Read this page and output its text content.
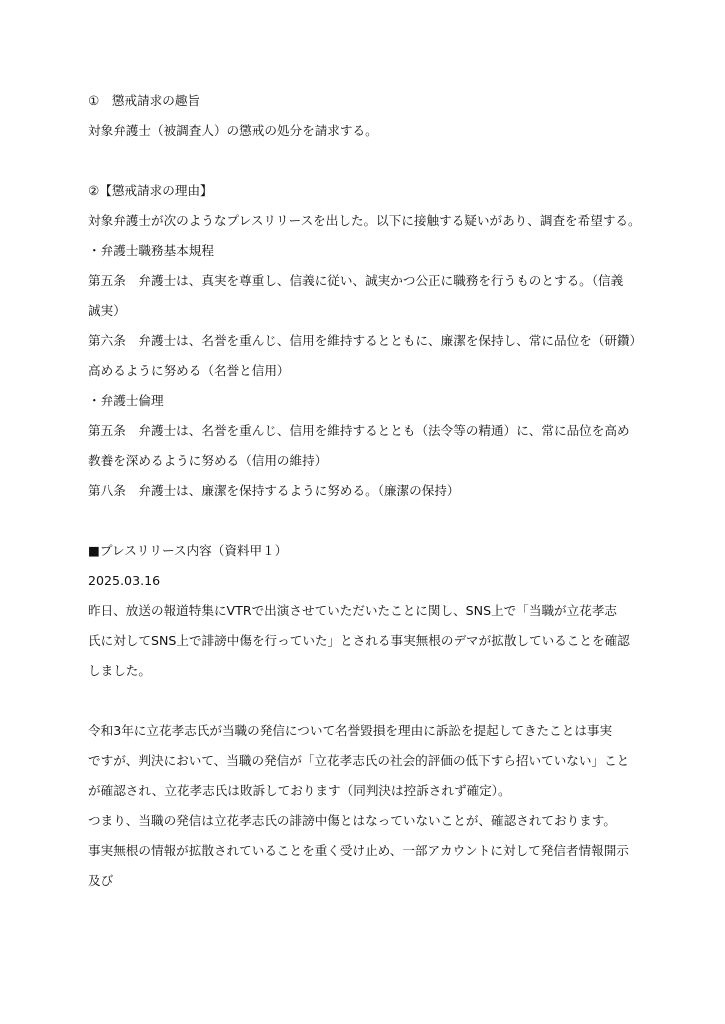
①　懲戒請求の趣旨
対象弁護士（被調査人）の懲戒の処分を請求する。
②【懲戒請求の理由】
対象弁護士が次のようなプレスリリースを出した。以下に接触する疑いがあり、調査を希望する。
・弁護士職務基本規程
第五条　弁護士は、真実を尊重し、信義に従い、誠実かつ公正に職務を行うものとする。（信義
誠実）
第六条　弁護士は、名誉を重んじ、信用を維持するとともに、廉潔を保持し、常に品位を（研鑽）
高めるように努める（名誉と信用）
・弁護士倫理
第五条　弁護士は、名誉を重んじ、信用を維持するととも（法令等の精通）に、常に品位を高め
教養を深めるように努める（信用の維持）
第八条　弁護士は、廉潔を保持するように努める。（廉潔の保持）
■プレスリリース内容（資料甲１）
2025.03.16
昨日、放送の報道特集にVTRで出演させていただいたことに関し、SNS上で「当職が立花孝志
氏に対してSNS上で誹謗中傷を行っていた」とされる事実無根のデマが拡散していることを確認
しました。
令和3年に立花孝志氏が当職の発信について名誉毀損を理由に訴訟を提起してきたことは事実
ですが、判決において、当職の発信が「立花孝志氏の社会的評価の低下すら招いていない」こと
が確認され、立花孝志氏は敗訴しております（同判決は控訴されず確定）。
つまり、当職の発信は立花孝志氏の誹謗中傷とはなっていないことが、確認されております。
事実無根の情報が拡散されていることを重く受け止め、一部アカウントに対して発信者情報開示
及び
